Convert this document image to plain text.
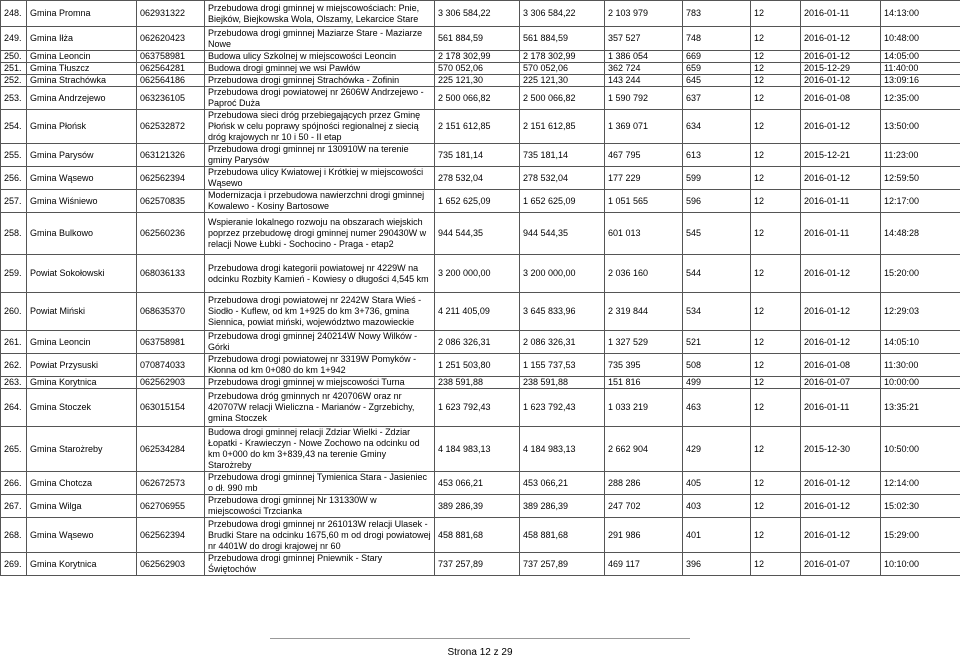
248.	Gmina Promna	062931322	Przebudowa drogi gminnej w miejscowościach: Pnie, Biejków, Biejkowska Wola, Olszamy, Lekarcice Stare	3 306 584,22	3 306 584,22	2 103 979	783	12	2016-01-11	14:13:00
249.	Gmina Iłża	062620423	Przebudowa drogi gminnej Maziarze Stare - Maziarze Nowe	561 884,59	561 884,59	357 527	748	12	2016-01-12	10:48:00
250.	Gmina Leoncin	063758981	Budowa ulicy Szkolnej w miejscowości Leoncin	2 178 302,99	2 178 302,99	1 386 054	669	12	2016-01-12	14:05:00
251.	Gmina Tłuszcz	062564281	Budowa drogi gminnej we wsi Pawłów	570 052,06	570 052,06	362 724	659	12	2015-12-29	11:40:00
252.	Gmina Strachówka	062564186	Przebudowa drogi gminnej Strachówka - Zofinin	225 121,30	225 121,30	143 244	645	12	2016-01-12	13:09:16
253.	Gmina Andrzejewo	063236105	Przebudowa drogi powiatowej nr 2606W Andrzejewo - Paproć Duża	2 500 066,82	2 500 066,82	1 590 792	637	12	2016-01-08	12:35:00
254.	Gmina Płońsk	062532872	Przebudowa sieci dróg przebiegających przez Gminę Płońsk w celu poprawy spójności regionalnej z siecią dróg krajowych nr 10 i 50 - II etap	2 151 612,85	2 151 612,85	1 369 071	634	12	2016-01-12	13:50:00
255.	Gmina Parysów	063121326	Przebudowa drogi gminnej nr 130910W na terenie gminy Parysów	735 181,14	735 181,14	467 795	613	12	2015-12-21	11:23:00
256.	Gmina Wąsewo	062562394	Przebudowa ulicy Kwiatowej i Krótkiej w miejscowości Wąsewo	278 532,04	278 532,04	177 229	599	12	2016-01-12	12:59:50
257.	Gmina Wiśniewo	062570835	Modernizacja i przebudowa nawierzchni drogi gminnej Kowalewo - Kosiny Bartosowe	1 652 625,09	1 652 625,09	1 051 565	596	12	2016-01-11	12:17:00
258.	Gmina Bulkowo	062560236	Wspieranie lokalnego rozwoju na obszarach wiejskich poprzez przebudowę drogi gminnej numer 290430W w relacji Nowe Łubki - Sochocino - Praga - etap2	944 544,35	944 544,35	601 013	545	12	2016-01-11	14:48:28
259.	Powiat Sokołowski	068036133	Przebudowa drogi kategorii powiatowej nr 4229W na odcinku Rozbity Kamień - Kowiesy o długości 4,545 km	3 200 000,00	3 200 000,00	2 036 160	544	12	2016-01-12	15:20:00
260.	Powiat Miński	068635370	Przebudowa drogi powiatowej nr 2242W Stara Wieś - Siodło - Kuflew, od km 1+925 do km 3+736, gmina Siennica, powiat miński, województwo mazowieckie	4 211 405,09	3 645 833,96	2 319 844	534	12	2016-01-12	12:29:03
261.	Gmina Leoncin	063758981	Przebudowa drogi gminnej 240214W Nowy Wilków - Górki	2 086 326,31	2 086 326,31	1 327 529	521	12	2016-01-12	14:05:10
262.	Powiat Przysuski	070874033	Przebudowa drogi powiatowej nr 3319W Pomyków - Kłonna od km 0+080 do km 1+942	1 251 503,80	1 155 737,53	735 395	508	12	2016-01-08	11:30:00
263.	Gmina Korytnica	062562903	Przebudowa drogi gminnej w miejscowości Turna	238 591,88	238 591,88	151 816	499	12	2016-01-07	10:00:00
264.	Gmina Stoczek	063015154	Przebudowa dróg gminnych nr 420706W oraz nr 420707W relacji Wieliczna - Marianów - Zgrzebichy, gmina Stoczek	1 623 792,43	1 623 792,43	1 033 219	463	12	2016-01-11	13:35:21
265.	Gmina Starożreby	062534284	Budowa drogi gminnej relacji Zdziar Wielki - Zdziar Łopatki - Krawieczyn - Nowe Zochowo na odcinku od km 0+000 do km 3+839,43 na terenie Gminy Starożreby	4 184 983,13	4 184 983,13	2 662 904	429	12	2015-12-30	10:50:00
266.	Gmina Chotcza	062672573	Przebudowa drogi gminnej Tymienica Stara - Jasieniec o dł. 990 mb	453 066,21	453 066,21	288 286	405	12	2016-01-12	12:14:00
267.	Gmina Wilga	062706955	Przebudowa drogi gminnej Nr 131330W w miejscowości Trzcianka	389 286,39	389 286,39	247 702	403	12	2016-01-12	15:02:30
268.	Gmina Wąsewo	062562394	Przebudowa drogi gminnej nr 261013W relacji Ulasek - Brudki Stare na odcinku 1675,60 m od drogi powiatowej nr 4401W do drogi krajowej nr 60	458 881,68	458 881,68	291 986	401	12	2016-01-12	15:29:00
269.	Gmina Korytnica	062562903	Przebudowa drogi gminnej Pniewnik - Stary Świętochów	737 257,89	737 257,89	469 117	396	12	2016-01-07	10:10:00
Strona 12 z 29
